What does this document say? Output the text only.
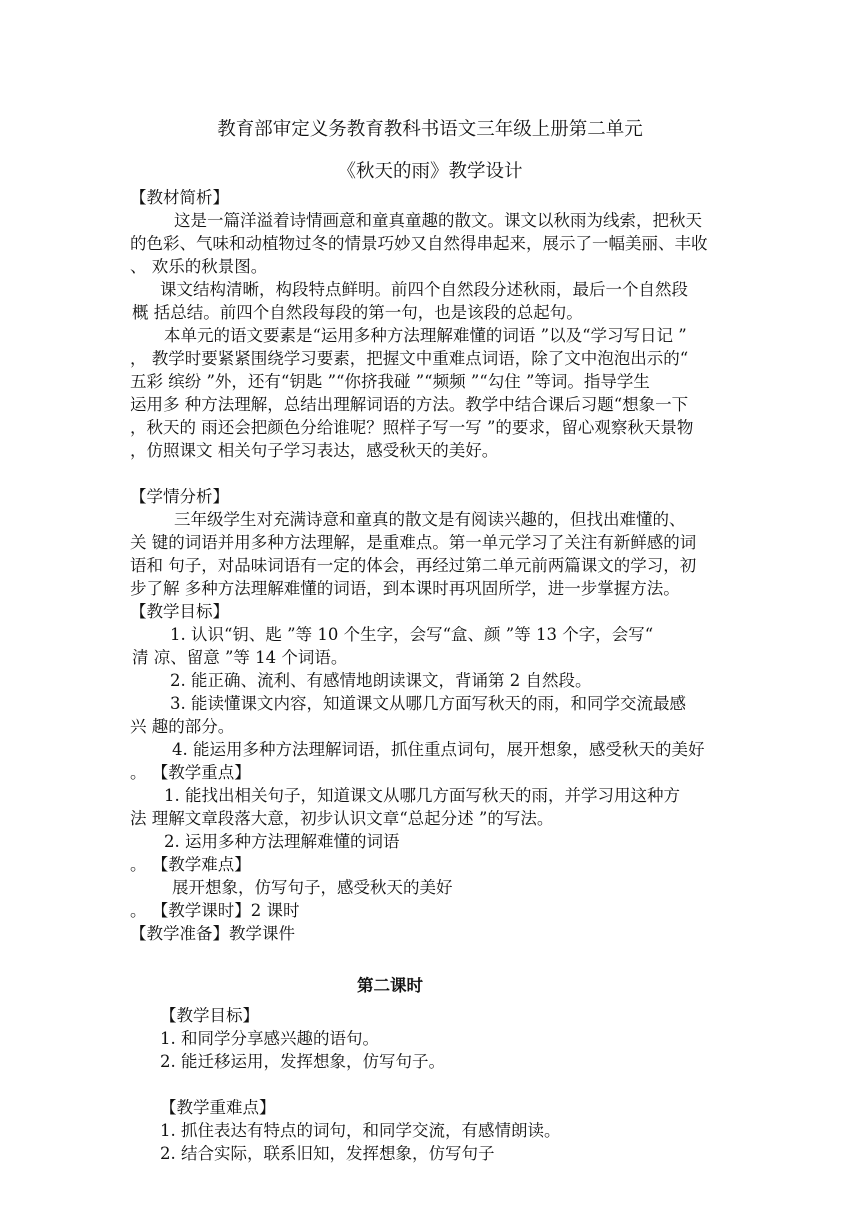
教育部审定义务教育教科书语文三年级上册第二单元
《秋天的雨》教学设计
【教材简析】
这是一篇洋溢着诗情画意和童真童趣的散文。课文以秋雨为线索，把秋天
的色彩、气味和动植物过冬的情景巧妙又自然得串起来，展示了一幅美丽、丰收
、 欢乐的秋景图。
课文结构清晰，构段特点鲜明。前四个自然段分述秋雨，最后一个自然段
概 括总结。前四个自然段每段的第一句，也是该段的总起句。
本单元的语文要素是“运用多种方法理解难懂的词语 ”以及“学习写日记 ”
， 教学时要紧紧围绕学习要素，把握文中重难点词语，除了文中泡泡出示的“
五彩 缤纷 ”外，还有“钥匙 ”“你挤我碰 ”“频频 ”“勾住 ”等词。指导学生
运用多 种方法理解，总结出理解词语的方法。教学中结合课后习题“想象一下
，秋天的 雨还会把颜色分给谁呢？照样子写一写 ”的要求，留心观察秋天景物
，仿照课文 相关句子学习表达，感受秋天的美好。
【学情分析】
三年级学生对充满诗意和童真的散文是有阅读兴趣的，但找出难懂的、
关 键的词语并用多种方法理解，是重难点。第一单元学习了关注有新鲜感的词
语和 句子，对品味词语有一定的体会，再经过第二单元前两篇课文的学习，初
步了解 多种方法理解难懂的词语，到本课时再巩固所学，进一步掌握方法。
【教学目标】
1. 认识“钥、匙 ”等 10 个生字，会写“盒、颜 ”等 13 个字，会写“
清 凉、留意 ”等 14 个词语。
2. 能正确、流利、有感情地朗读课文，背诵第 2 自然段。
3. 能读懂课文内容，知道课文从哪几方面写秋天的雨，和同学交流最感
兴 趣的部分。
4. 能运用多种方法理解词语，抓住重点词句，展开想象，感受秋天的美好
。 【教学重点】
1. 能找出相关句子，知道课文从哪几方面写秋天的雨，并学习用这种方
法 理解文章段落大意，初步认识文章“总起分述 ”的写法。
2. 运用多种方法理解难懂的词语
。 【教学难点】
展开想象，仿写句子，感受秋天的美好
。 【教学课时】2 课时
【教学准备】教学课件
第二课时
【教学目标】
1. 和同学分享感兴趣的语句。
2. 能迁移运用，发挥想象，仿写句子。
【教学重难点】
1. 抓住表达有特点的词句，和同学交流，有感情朗读。
2. 结合实际，联系旧知，发挥想象，仿写句子
